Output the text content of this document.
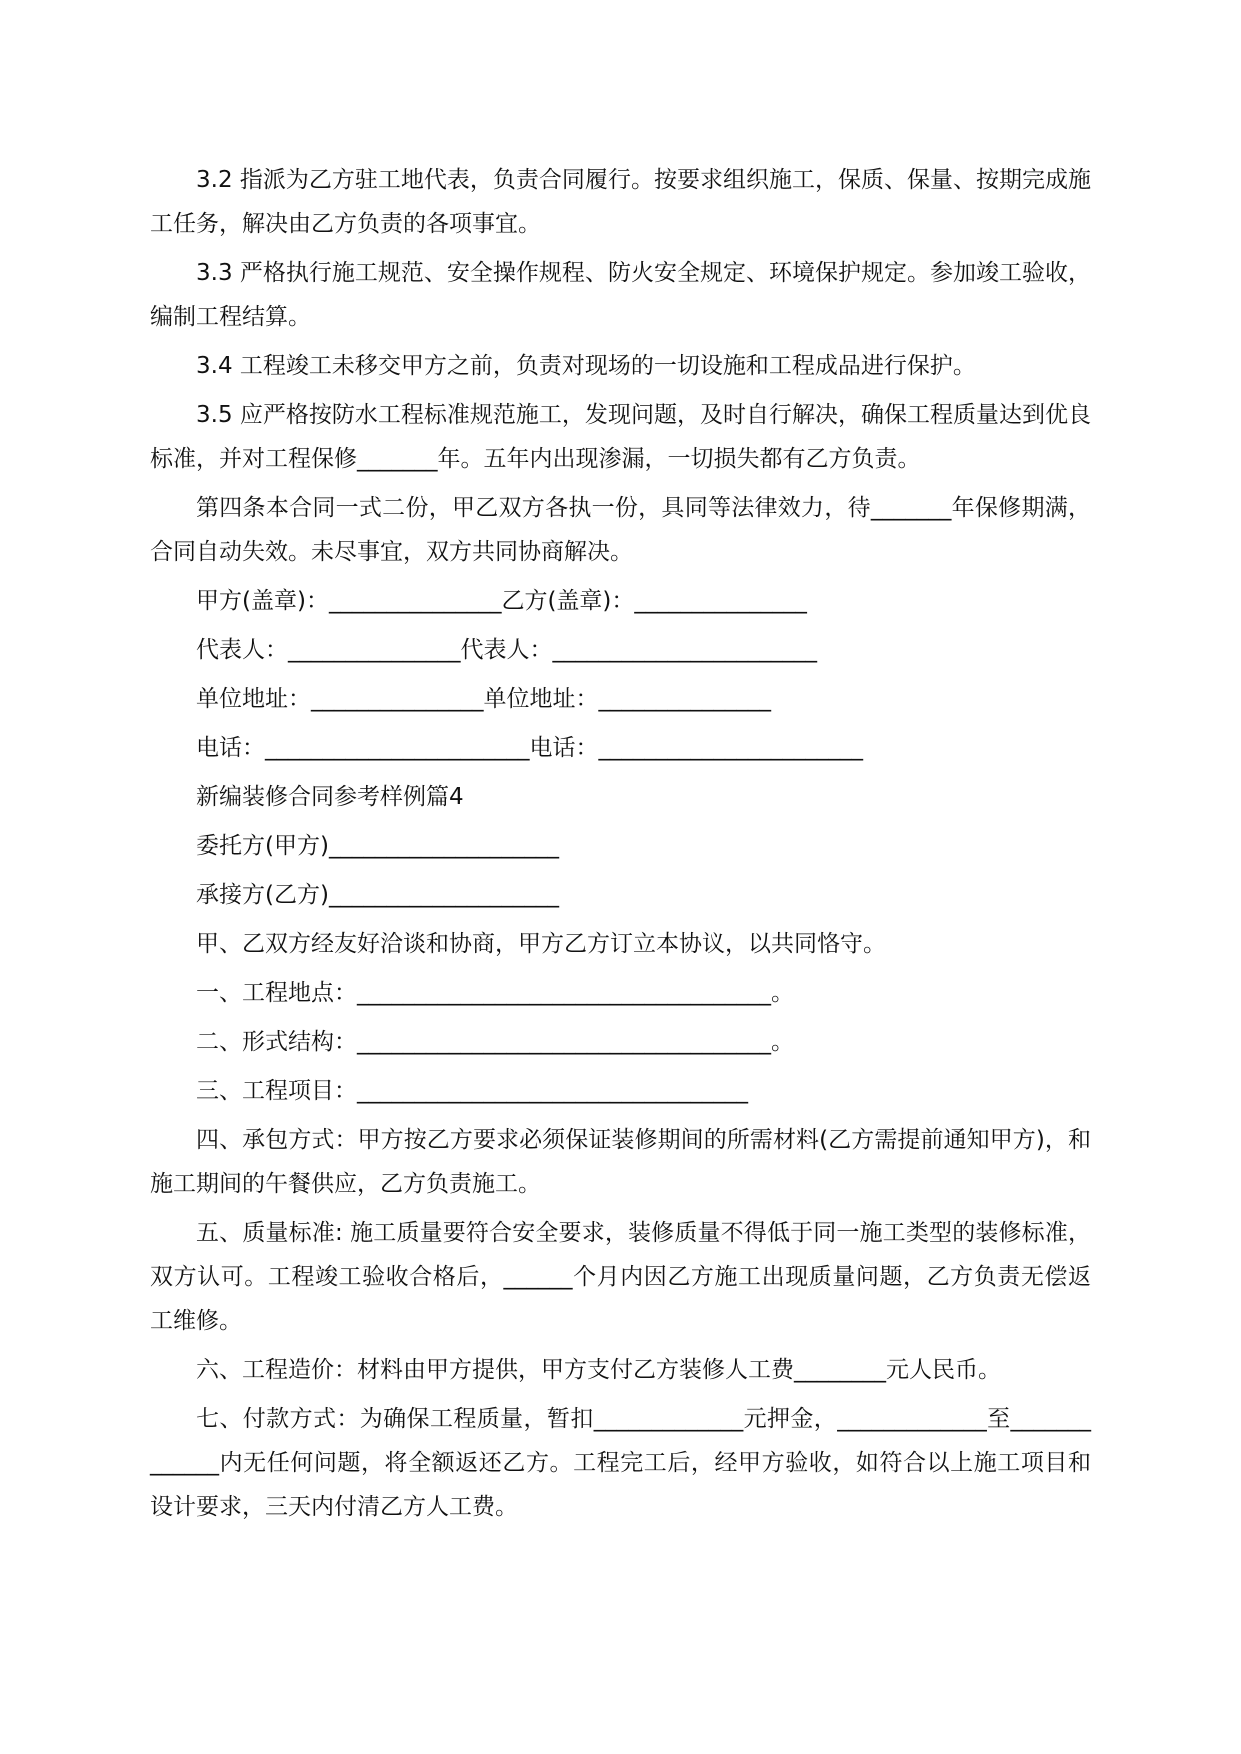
3.2 指派为乙方驻工地代表，负责合同履行。按要求组织施工，保质、保量、按期完成施工任务，解决由乙方负责的各项事宜。

3.3 严格执行施工规范、安全操作规程、防火安全规定、环境保护规定。参加竣工验收，编制工程结算。

3.4 工程竣工未移交甲方之前，负责对现场的一切设施和工程成品进行保护。

3.5 应严格按防水工程标准规范施工，发现问题，及时自行解决，确保工程质量达到优良标准，并对工程保修_______年。五年内出现渗漏，一切损失都有乙方负责。

第四条本合同一式二份，甲乙双方各执一份，具同等法律效力，待_______年保修期满，合同自动失效。未尽事宜，双方共同协商解决。

甲方(盖章)：_______________乙方(盖章)：_______________

代表人：_______________代表人：_______________________

单位地址：_______________单位地址：_______________

电话：_______________________电话：_______________________

新编装修合同参考样例篇4

委托方(甲方)____________________

承接方(乙方)____________________

甲、乙双方经友好洽谈和协商，甲方乙方订立本协议，以共同恪守。

一、工程地点：____________________________________。

二、形式结构：____________________________________。

三、工程项目：__________________________________

四、承包方式：甲方按乙方要求必须保证装修期间的所需材料(乙方需提前通知甲方)，和施工期间的午餐供应，乙方负责施工。

五、质量标准: 施工质量要符合安全要求，装修质量不得低于同一施工类型的装修标准，双方认可。工程竣工验收合格后，______个月内因乙方施工出现质量问题，乙方负责无偿返工维修。

六、工程造价：材料由甲方提供，甲方支付乙方装修人工费________元人民币。

七、付款方式：为确保工程质量，暂扣_____________元押金，_____________至_____________内无任何问题，将全额返还乙方。工程完工后，经甲方验收，如符合以上施工项目和设计要求，三天内付清乙方人工费。
